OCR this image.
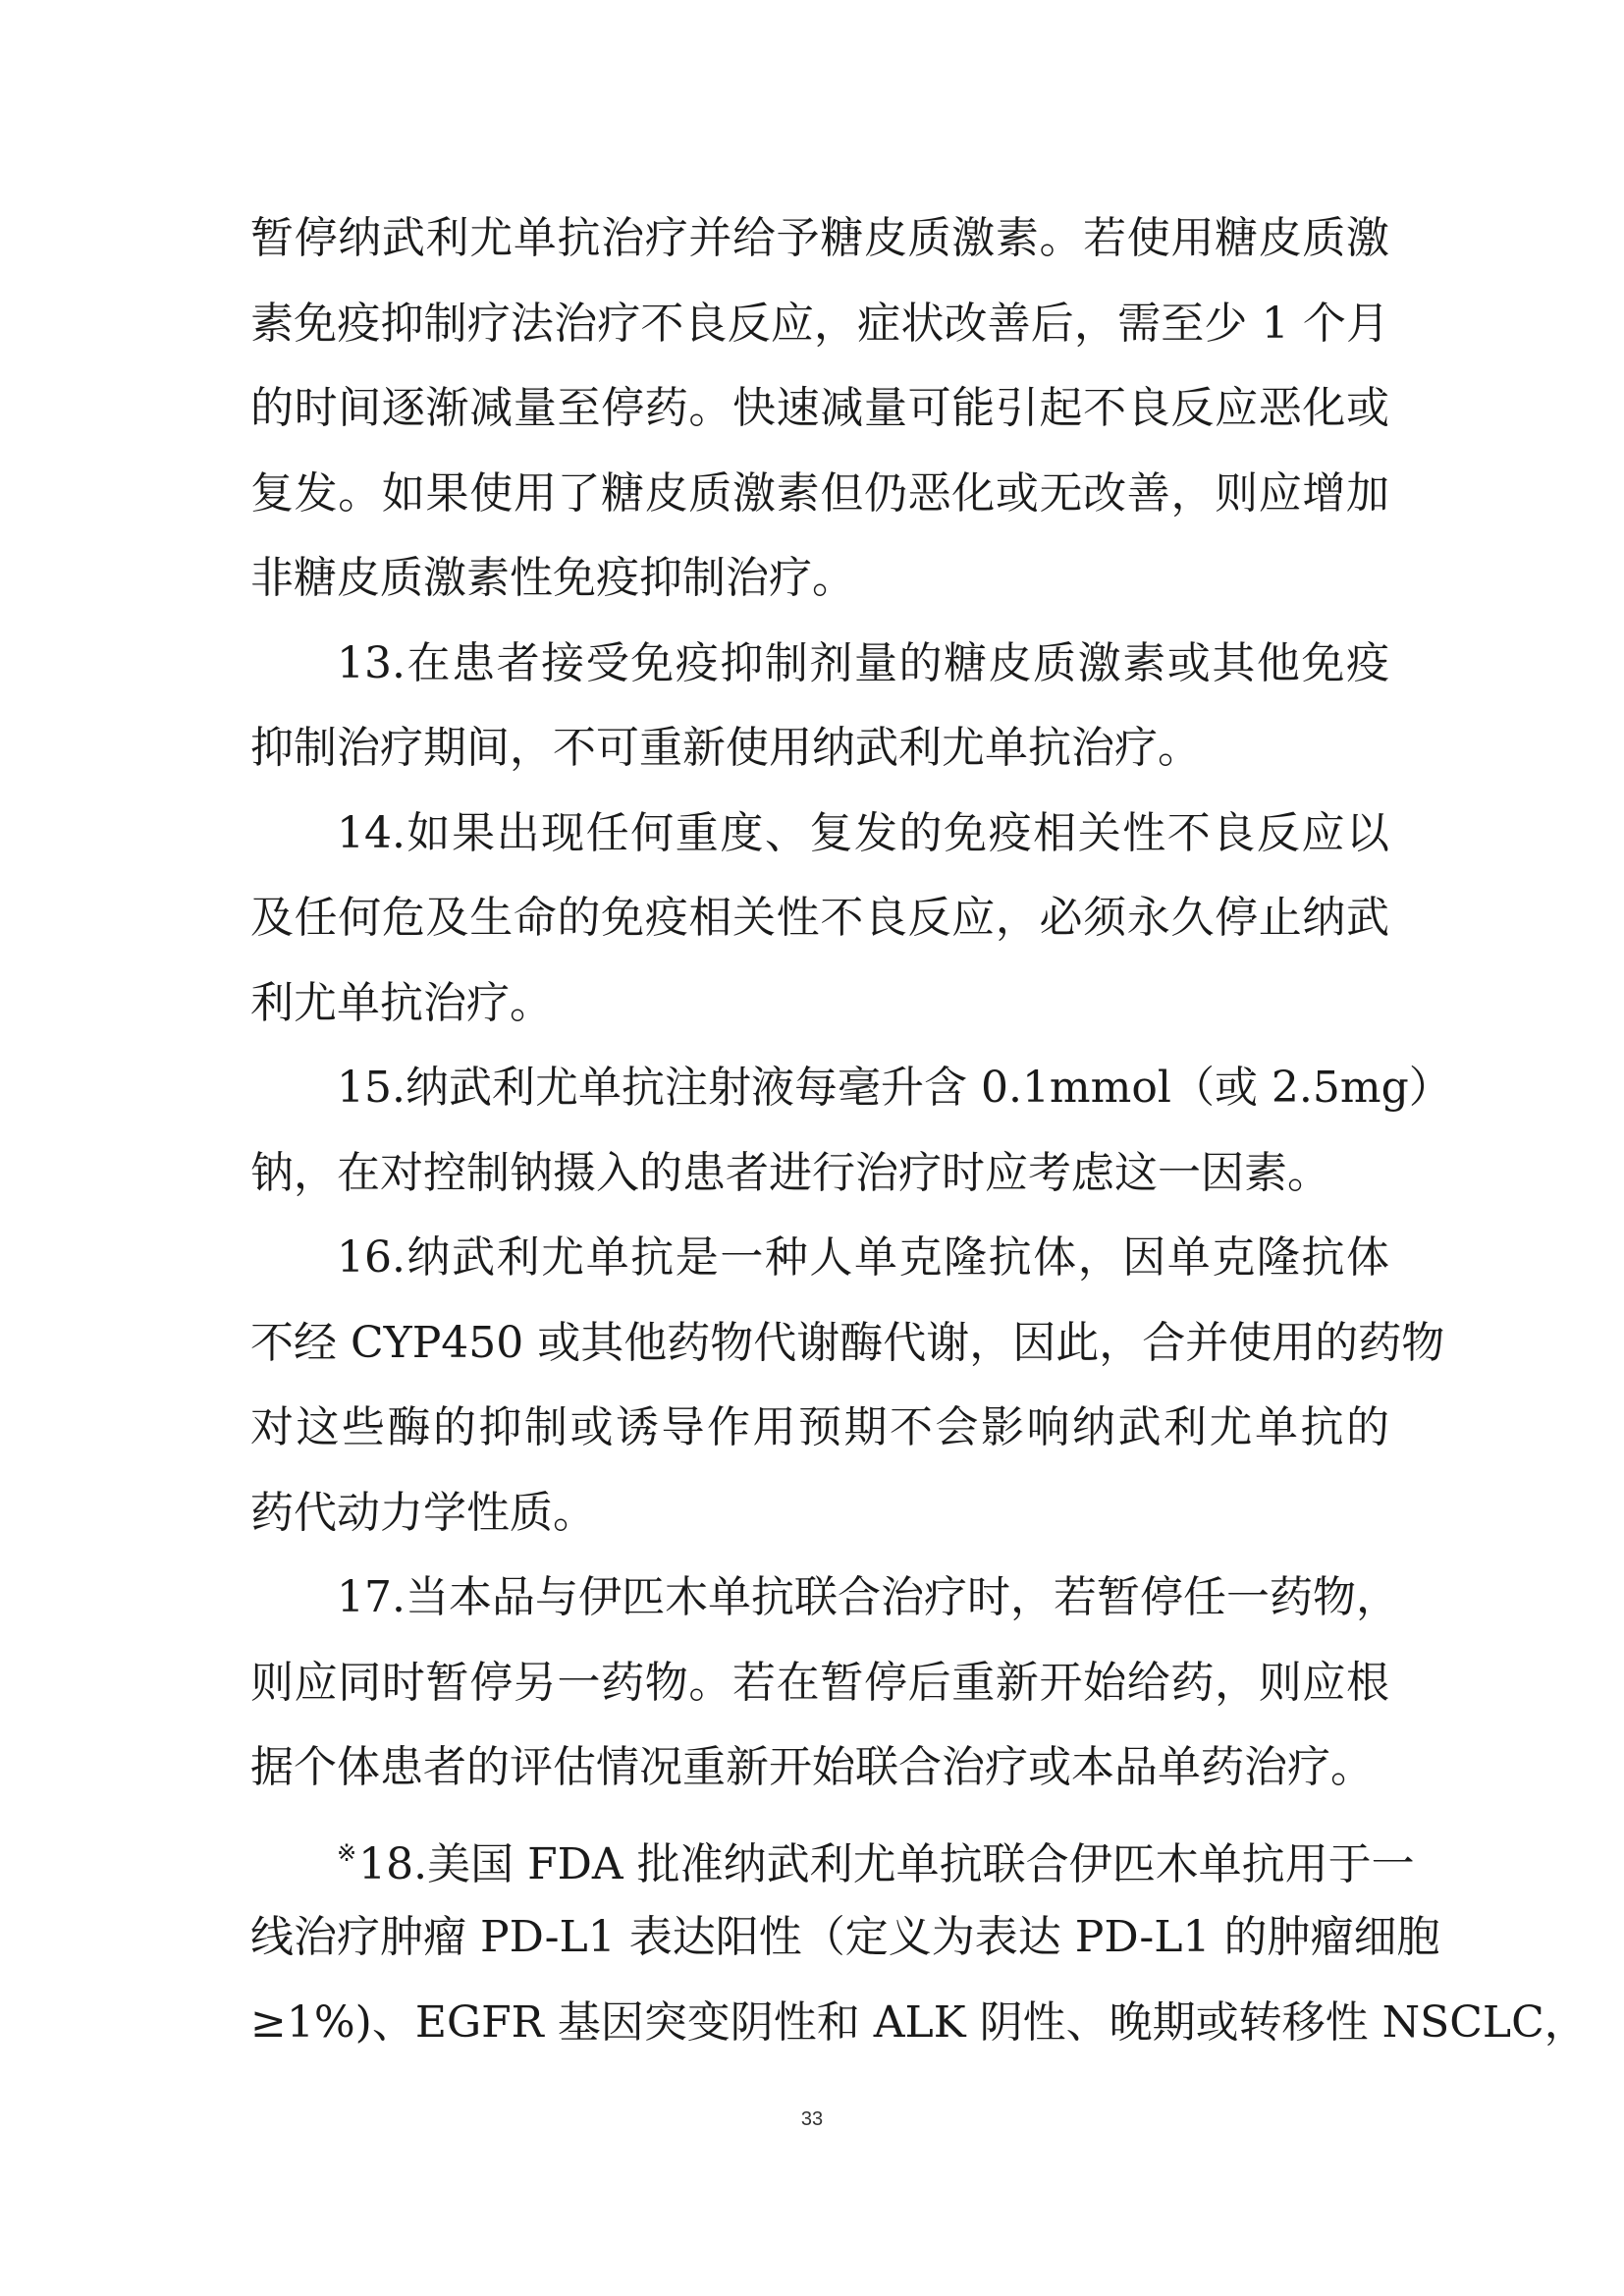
暂停纳武利尤单抗治疗并给予糖皮质激素。若使用糖皮质激
素免疫抑制疗法治疗不良反应，症状改善后，需至少 1 个月
的时间逐渐减量至停药。快速减量可能引起不良反应恶化或
复发。如果使用了糖皮质激素但仍恶化或无改善，则应增加
非糖皮质激素性免疫抑制治疗。
13.在患者接受免疫抑制剂量的糖皮质激素或其他免疫
抑制治疗期间，不可重新使用纳武利尤单抗治疗。
14.如果出现任何重度、复发的免疫相关性不良反应以
及任何危及生命的免疫相关性不良反应，必须永久停止纳武
利尤单抗治疗。
15.纳武利尤单抗注射液每毫升含 0.1mmol（或 2.5mg）
钠，在对控制钠摄入的患者进行治疗时应考虑这一因素。
16.纳武利尤单抗是一种人单克隆抗体，因单克隆抗体
不经 CYP450 或其他药物代谢酶代谢，因此，合并使用的药物
对这些酶的抑制或诱导作用预期不会影响纳武利尤单抗的
药代动力学性质。
17.当本品与伊匹木单抗联合治疗时，若暂停任一药物，
则应同时暂停另一药物。若在暂停后重新开始给药，则应根
据个体患者的评估情况重新开始联合治疗或本品单药治疗。
※18.美国 FDA 批准纳武利尤单抗联合伊匹木单抗用于一
线治疗肿瘤 PD-L1 表达阳性（定义为表达 PD-L1 的肿瘤细胞
≥1%)、EGFR 基因突变阴性和 ALK 阴性、晚期或转移性 NSCLC，
33
